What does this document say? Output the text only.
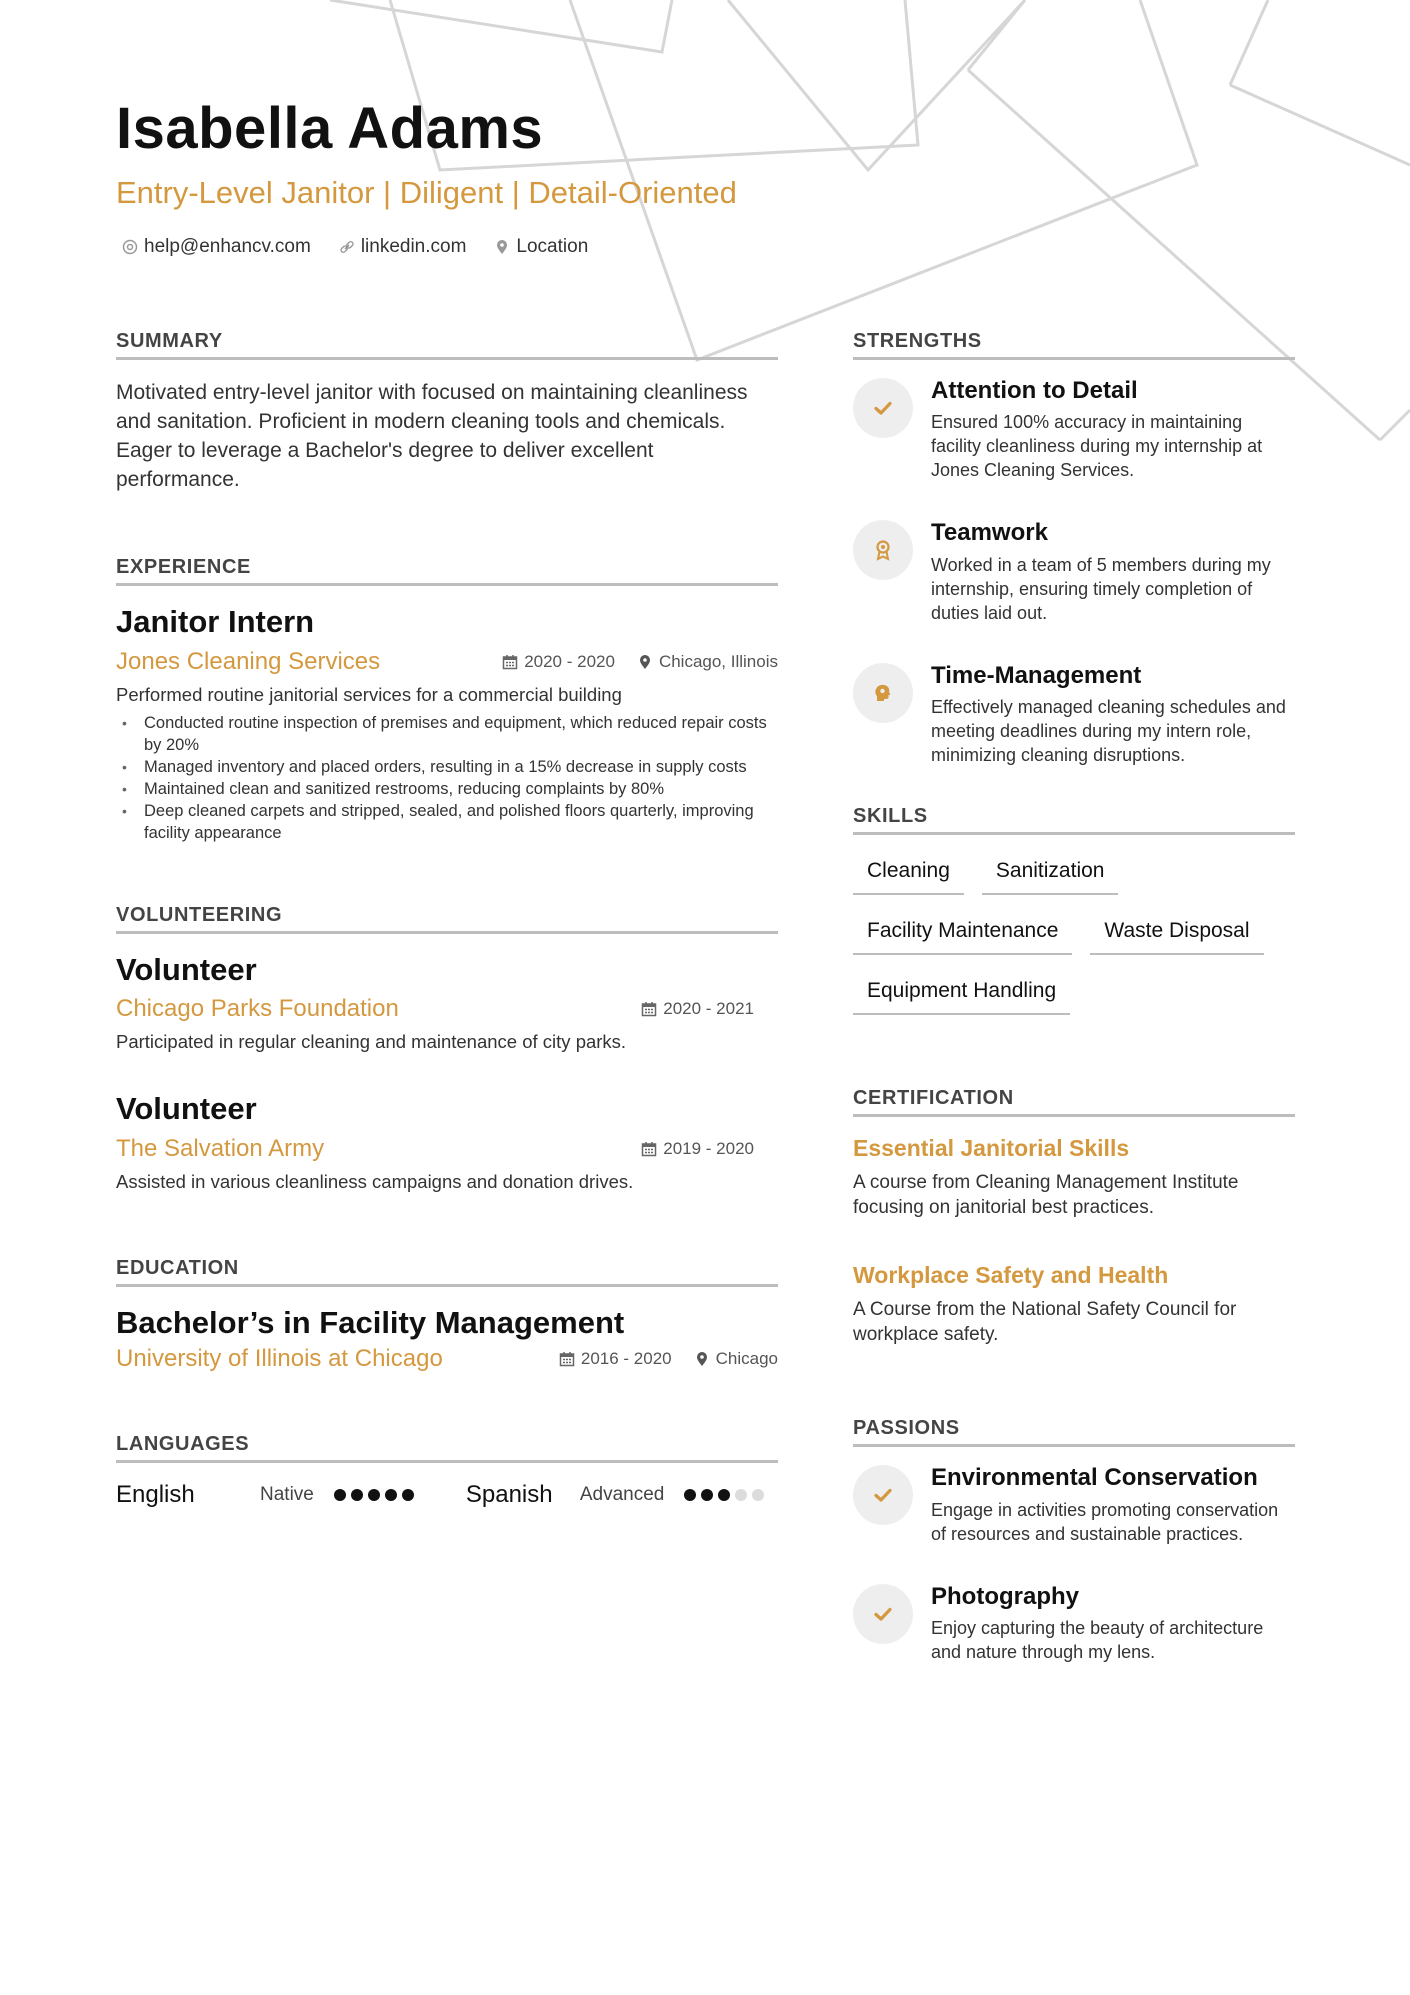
Isabella Adams
Entry-Level Janitor | Diligent | Detail-Oriented
help@enhancv.com	linkedin.com	Location
SUMMARY

Motivated entry-level janitor with focused on maintaining cleanliness and sanitation. Proficient in modern cleaning tools and chemicals. Eager to leverage a Bachelor's degree to deliver excellent performance.

EXPERIENCE
Janitor Intern
Jones Cleaning Services	2020 - 2020	Chicago, Illinois
Performed routine janitorial services for a commercial building
• Conducted routine inspection of premises and equipment, which reduced repair costs by 20%
• Managed inventory and placed orders, resulting in a 15% decrease in supply costs
• Maintained clean and sanitized restrooms, reducing complaints by 80%
• Deep cleaned carpets and stripped, sealed, and polished floors quarterly, improving facility appearance
VOLUNTEERING
Volunteer
Chicago Parks Foundation	2020 - 2021
Participated in regular cleaning and maintenance of city parks.
Volunteer
The Salvation Army	2019 - 2020
Assisted in various cleanliness campaigns and donation drives.
EDUCATION
Bachelor’s in Facility Management
University of Illinois at Chicago	2016 - 2020	Chicago
LANGUAGES
English	Native	Spanish	Advanced
STRENGTHS
Attention to Detail

Ensured 100% accuracy in maintaining facility cleanliness during my internship at Jones Cleaning Services.

Teamwork

Worked in a team of 5 members during my internship, ensuring timely completion of duties laid out.

Time-Management

Effectively managed cleaning schedules and meeting deadlines during my intern role, minimizing cleaning disruptions.

SKILLS
Cleaning	Sanitization
Facility Maintenance	Waste Disposal
Equipment Handling
CERTIFICATION
Essential Janitorial Skills

A course from Cleaning Management Institute focusing on janitorial best practices.

Workplace Safety and Health

A Course from the National Safety Council for workplace safety.

PASSIONS
Environmental Conservation

Engage in activities promoting conservation of resources and sustainable practices.

Photography

Enjoy capturing the beauty of architecture and nature through my lens.
